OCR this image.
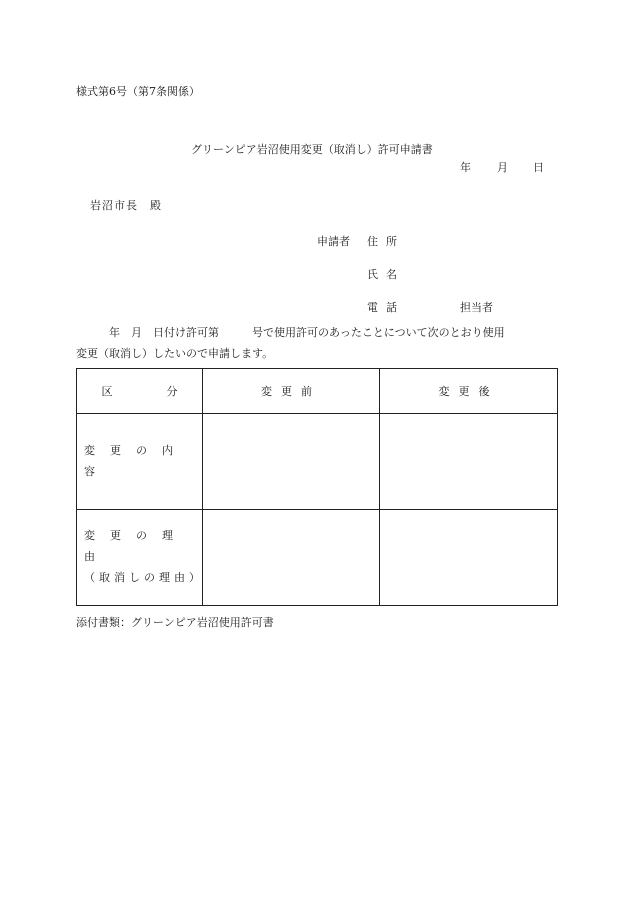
様式第6号（第7条関係）
グリーンピア岩沼使用変更（取消し）許可申請書
年 月 日
岩沼市長　殿
申請者 住所
氏名
電話	担当者
　　　年　月　日付け許可第　　　号で使用許可のあったことについて次のとおり使用
変更（取消し）したいので申請します。
区 分	変更前	変更後
変更の内容		

変更の理由
（取消しの理由）		

添付書類：グリーンピア岩沼使用許可書
